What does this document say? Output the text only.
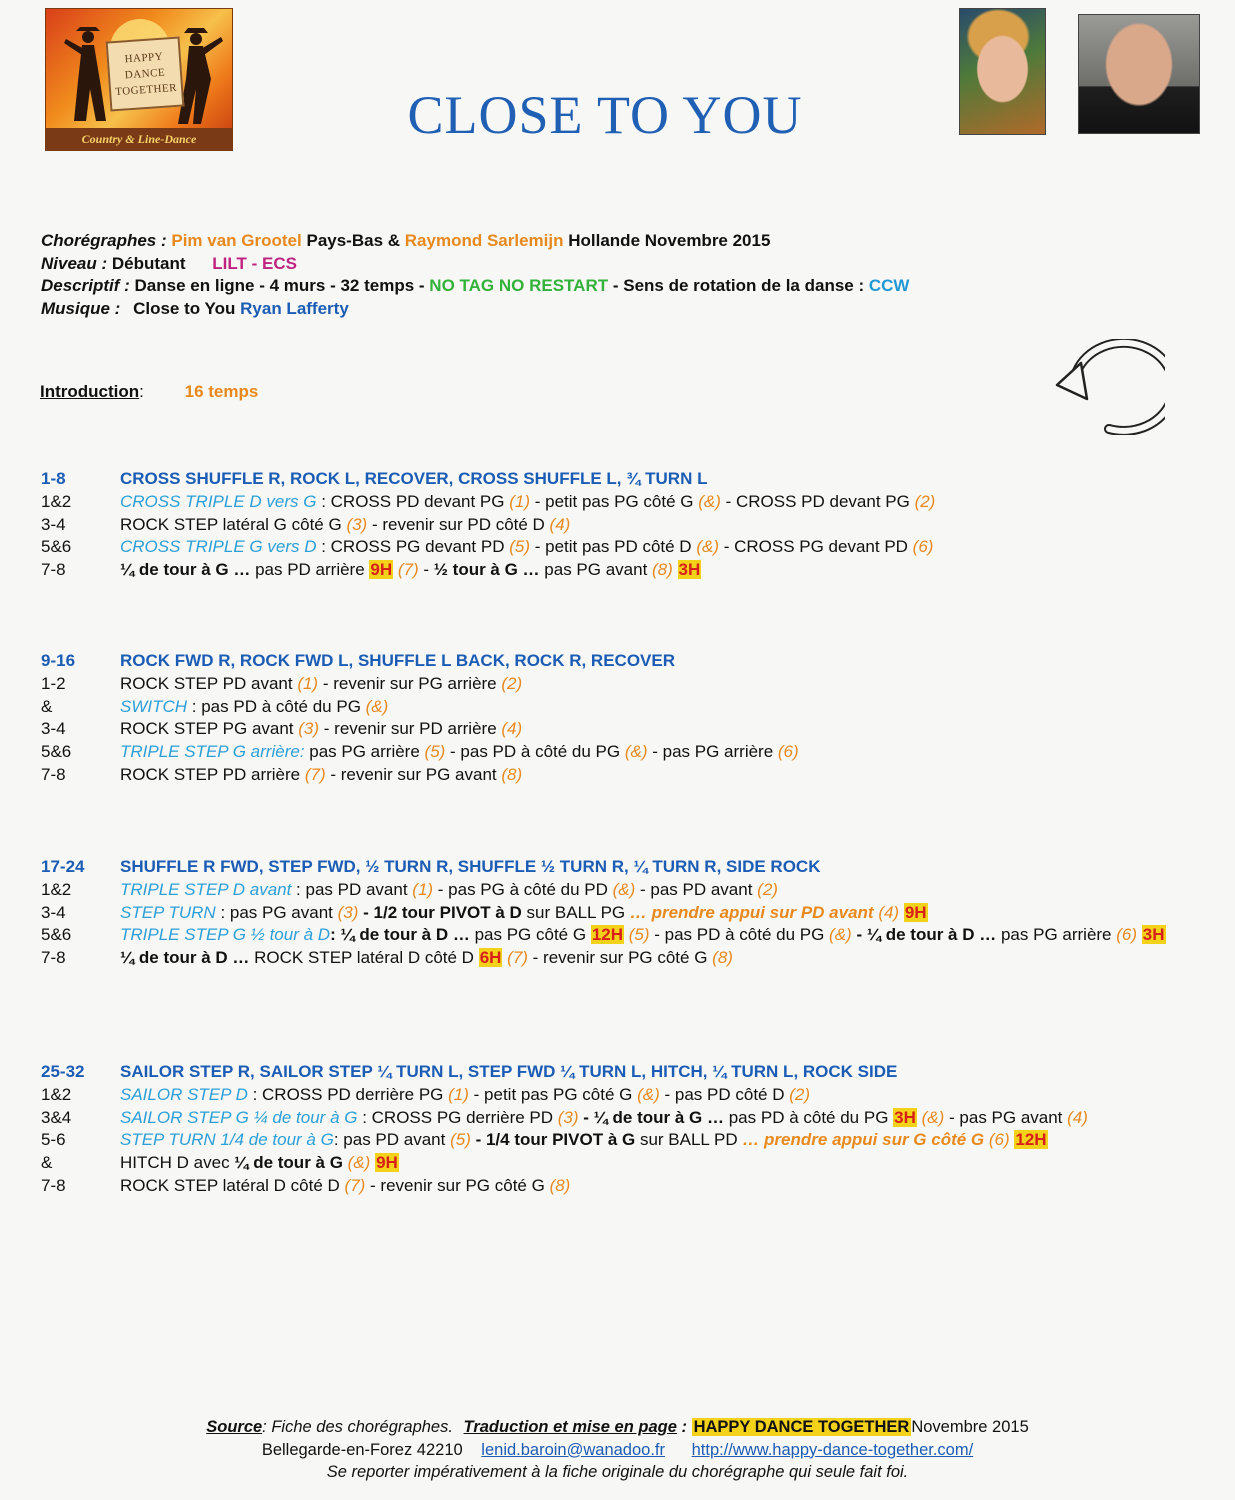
HAPPY
DANCE
TOGETHER
Country & Line-Dance	CLOSE TO YOU
Chorégraphes : Pim van Grootel Pays-Bas & Raymond Sarlemijn Hollande Novembre 2015
Niveau : Débutant LILT - ECS
Descriptif : Danse en ligne - 4 murs - 32 temps - NO TAG NO RESTART - Sens de rotation de la danse : CCW
Musique : Close to You Ryan Lafferty
Introduction: 16 temps
1-8	CROSS SHUFFLE R, ROCK L, RECOVER, CROSS SHUFFLE L, ¾ TURN L
1&2	CROSS TRIPLE D vers G : CROSS PD devant PG (1) - petit pas PG côté G (&) - CROSS PD devant PG (2)
3-4	ROCK STEP latéral G côté G (3) - revenir sur PD côté D (4)
5&6	CROSS TRIPLE G vers D : CROSS PG devant PD (5) - petit pas PD côté D (&) - CROSS PG devant PD (6)
7-8	¼ de tour à G … pas PD arrière 9H (7) - ½ tour à G … pas PG avant (8) 3H
9-16	ROCK FWD R, ROCK FWD L, SHUFFLE L BACK, ROCK R, RECOVER
1-2	ROCK STEP PD avant (1) - revenir sur PG arrière (2)
&	SWITCH : pas PD à côté du PG (&)
3-4	ROCK STEP PG avant (3) - revenir sur PD arrière (4)
5&6	TRIPLE STEP G arrière: pas PG arrière (5) - pas PD à côté du PG (&) - pas PG arrière (6)
7-8	ROCK STEP PD arrière (7) - revenir sur PG avant (8)
17-24	SHUFFLE R FWD, STEP FWD, ½ TURN R, SHUFFLE ½ TURN R, ¼ TURN R, SIDE ROCK
1&2	TRIPLE STEP D avant : pas PD avant (1) - pas PG à côté du PD (&) - pas PD avant (2)
3-4	STEP TURN : pas PG avant (3) - 1/2 tour PIVOT à D sur BALL PG … prendre appui sur PD avant (4) 9H
5&6	TRIPLE STEP G ½ tour à D: ¼ de tour à D … pas PG côté G 12H (5) - pas PD à côté du PG (&) - ¼ de tour à D … pas PG arrière (6) 3H
7-8	¼ de tour à D … ROCK STEP latéral D côté D 6H (7) - revenir sur PG côté G (8)
25-32	SAILOR STEP R, SAILOR STEP ¼ TURN L, STEP FWD ¼ TURN L, HITCH, ¼ TURN L, ROCK SIDE
1&2	SAILOR STEP D : CROSS PD derrière PG (1) - petit pas PG côté G (&) - pas PD côté D (2)
3&4	SAILOR STEP G ¼ de tour à G : CROSS PG derrière PD (3) - ¼ de tour à G … pas PD à côté du PG 3H (&) - pas PG avant (4)
5-6	STEP TURN 1/4 de tour à G: pas PD avant (5) - 1/4 tour PIVOT à G sur BALL PD … prendre appui sur G côté G (6) 12H
&	HITCH D avec ¼ de tour à G (&) 9H
7-8	ROCK STEP latéral D côté D (7) - revenir sur PG côté G (8)
Source: Fiche des chorégraphes. Traduction et mise en page : HAPPY DANCE TOGETHER Novembre 2015
Bellegarde-en-Forez 42210 lenid.baroin@wanadoo.fr http://www.happy-dance-together.com/
Se reporter impérativement à la fiche originale du chorégraphe qui seule fait foi.
